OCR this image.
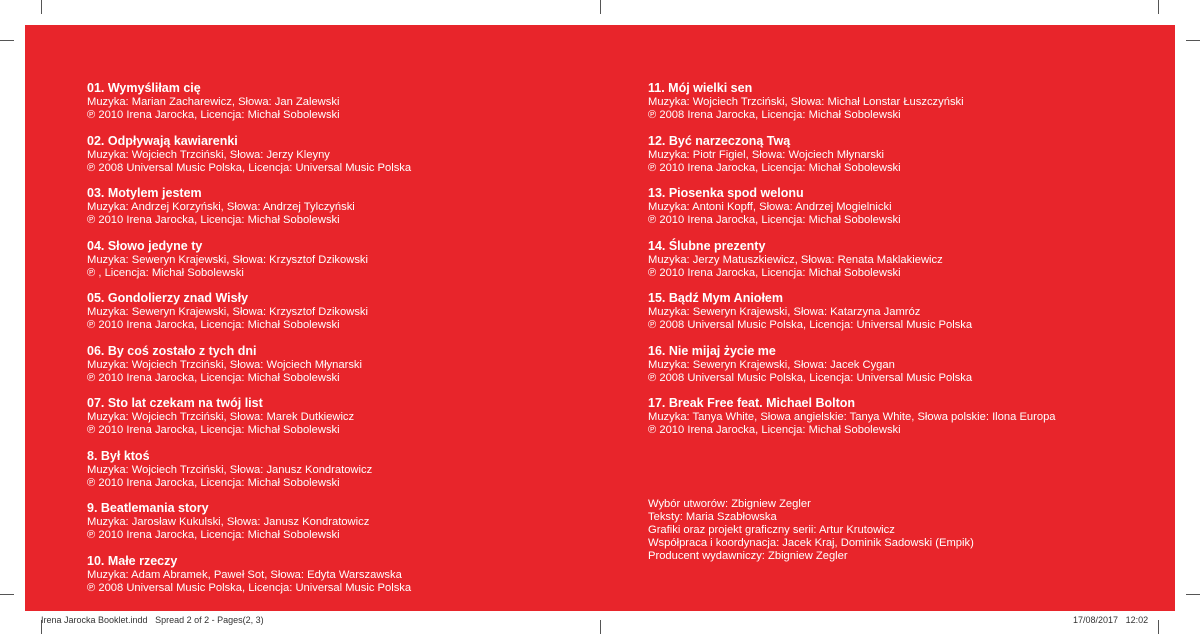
01. Wymyśliłam cię
Muzyka: Marian Zacharewicz, Słowa: Jan Zalewski
℗ 2010 Irena Jarocka, Licencja: Michał Sobolewski
02. Odpływają kawiarenki
Muzyka: Wojciech Trzciński, Słowa: Jerzy Kleyny
℗ 2008 Universal Music Polska, Licencja: Universal Music Polska
03. Motylem jestem
Muzyka: Andrzej Korzyński, Słowa: Andrzej Tylczyński
℗ 2010 Irena Jarocka, Licencja: Michał Sobolewski
04. Słowo jedyne ty
Muzyka: Seweryn Krajewski, Słowa: Krzysztof Dzikowski
℗ , Licencja: Michał Sobolewski
05. Gondolierzy znad Wisły
Muzyka: Seweryn Krajewski, Słowa: Krzysztof Dzikowski
℗ 2010 Irena Jarocka, Licencja: Michał Sobolewski
06. By coś zostało z tych dni
Muzyka: Wojciech Trzciński, Słowa: Wojciech Młynarski
℗ 2010 Irena Jarocka, Licencja: Michał Sobolewski
07. Sto lat czekam na twój list
Muzyka: Wojciech Trzciński, Słowa: Marek Dutkiewicz
℗ 2010 Irena Jarocka, Licencja: Michał Sobolewski
8. Był ktoś
Muzyka: Wojciech Trzciński, Słowa: Janusz Kondratowicz
℗ 2010 Irena Jarocka, Licencja: Michał Sobolewski
9. Beatlemania story
Muzyka: Jarosław Kukulski, Słowa: Janusz Kondratowicz
℗ 2010 Irena Jarocka, Licencja: Michał Sobolewski
10. Małe rzeczy
Muzyka: Adam Abramek, Paweł Sot, Słowa: Edyta Warszawska
℗ 2008 Universal Music Polska, Licencja: Universal Music Polska
11. Mój wielki sen
Muzyka: Wojciech Trzciński, Słowa: Michał Lonstar Łuszczyński
℗ 2008 Irena Jarocka, Licencja: Michał Sobolewski
12. Być narzeczoną Twą
Muzyka: Piotr Figiel, Słowa: Wojciech Młynarski
℗ 2010 Irena Jarocka, Licencja: Michał Sobolewski
13. Piosenka spod welonu
Muzyka: Antoni Kopff, Słowa: Andrzej Mogielnicki
℗ 2010 Irena Jarocka, Licencja: Michał Sobolewski
14. Ślubne prezenty
Muzyka: Jerzy Matuszkiewicz, Słowa: Renata Maklakiewicz
℗ 2010 Irena Jarocka, Licencja: Michał Sobolewski
15. Bądź Mym Aniołem
Muzyka: Seweryn Krajewski, Słowa: Katarzyna Jamróz
℗ 2008 Universal Music Polska, Licencja: Universal Music Polska
16. Nie mijaj życie me
Muzyka: Seweryn Krajewski, Słowa: Jacek Cygan
℗ 2008 Universal Music Polska, Licencja: Universal Music Polska
17. Break Free feat. Michael Bolton
Muzyka: Tanya White, Słowa angielskie: Tanya White, Słowa polskie: Ilona Europa
℗ 2010 Irena Jarocka, Licencja: Michał Sobolewski
Wybór utworów: Zbigniew Zegler
Teksty: Maria Szabłowska
Grafiki oraz projekt graficzny serii: Artur Krutowicz
Współpraca i koordynacja: Jacek Kraj, Dominik Sadowski (Empik)
Producent wydawniczy: Zbigniew Zegler
Irena Jarocka Booklet.indd Spread 2 of 2 - Pages(2, 3)	17/08/2017 12:02
